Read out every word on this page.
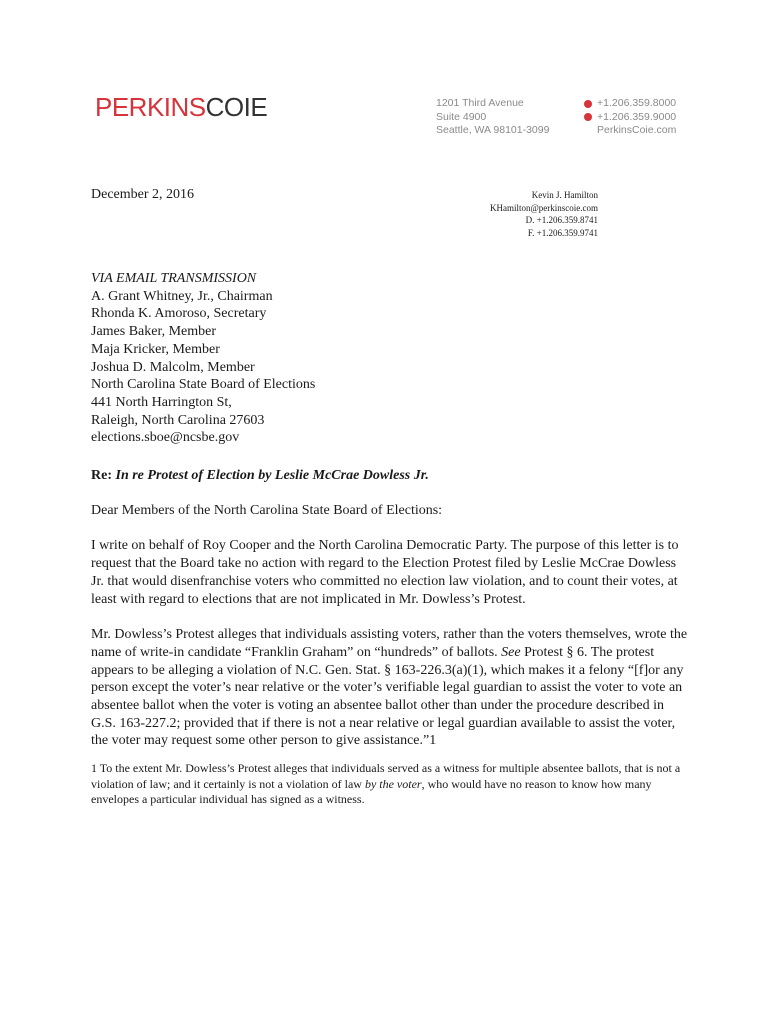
PERKINSCOIE	1201 Third Avenue
Suite 4900
Seattle, WA 98101-3099
+1.206.359.8000
+1.206.359.9000
PerkinsCoie.com
December 2, 2016	Kevin J. Hamilton
KHamilton@perkinscoie.com
D. +1.206.359.8741
F. +1.206.359.9741

VIA EMAIL TRANSMISSION

A. Grant Whitney, Jr., Chairman

Rhonda K. Amoroso, Secretary

James Baker, Member

Maja Kricker, Member

Joshua D. Malcolm, Member

North Carolina State Board of Elections

441 North Harrington St,

Raleigh, North Carolina 27603

elections.sboe@ncsbe.gov

Re: In re Protest of Election by Leslie McCrae Dowless Jr.

Dear Members of the North Carolina State Board of Elections:

I write on behalf of Roy Cooper and the North Carolina Democratic Party. The purpose of this letter is to request that the Board take no action with regard to the Election Protest filed by Leslie McCrae Dowless Jr. that would disenfranchise voters who committed no election law violation, and to count their votes, at least with regard to elections that are not implicated in Mr. Dowless’s Protest.

Mr. Dowless’s Protest alleges that individuals assisting voters, rather than the voters themselves, wrote the name of write-in candidate “Franklin Graham” on “hundreds” of ballots. See Protest § 6. The protest appears to be alleging a violation of N.C. Gen. Stat. § 163-226.3(a)(1), which makes it a felony “[f]or any person except the voter’s near relative or the voter’s verifiable legal guardian to assist the voter to vote an absentee ballot when the voter is voting an absentee ballot other than under the procedure described in G.S. 163-227.2; provided that if there is not a near relative or legal guardian available to assist the voter, the voter may request some other person to give assistance.”1

1 To the extent Mr. Dowless’s Protest alleges that individuals served as a witness for multiple absentee ballots, that is not a violation of law; and it certainly is not a violation of law by the voter, who would have no reason to know how many envelopes a particular individual has signed as a witness.
